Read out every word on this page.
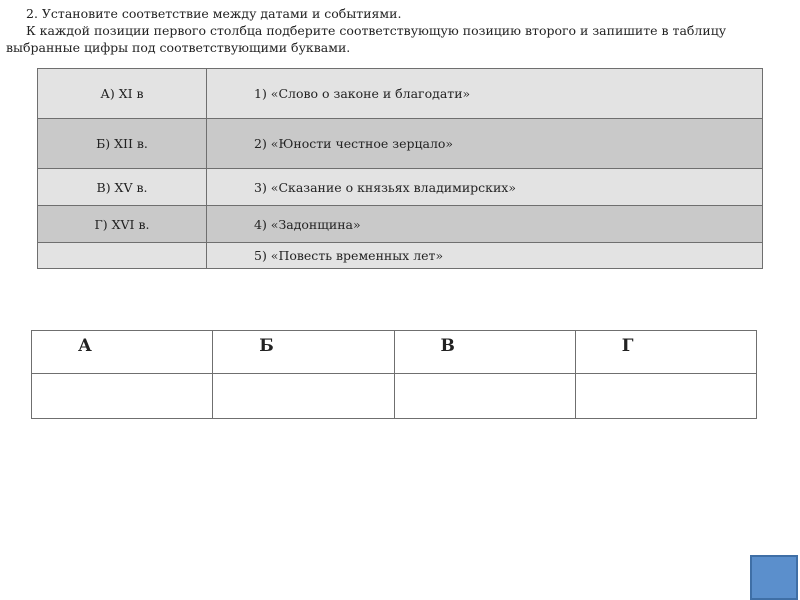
2. Установите соответствие между датами и событиями.
К каждой позиции первого столбца подберите соответствующую позицию второго и запишите в таблицу
выбранные цифры под соответствующими буквами.
А) XI в	1) «Слово о законе и благодати»
Б) XII в.	2) «Юности честное зерцало»
В) XV в.	3) «Сказание о князьях владимирских»
Г) XVI в.	4) «Задонщина»
	5) «Повесть временных лет»
А	Б	В	Г
